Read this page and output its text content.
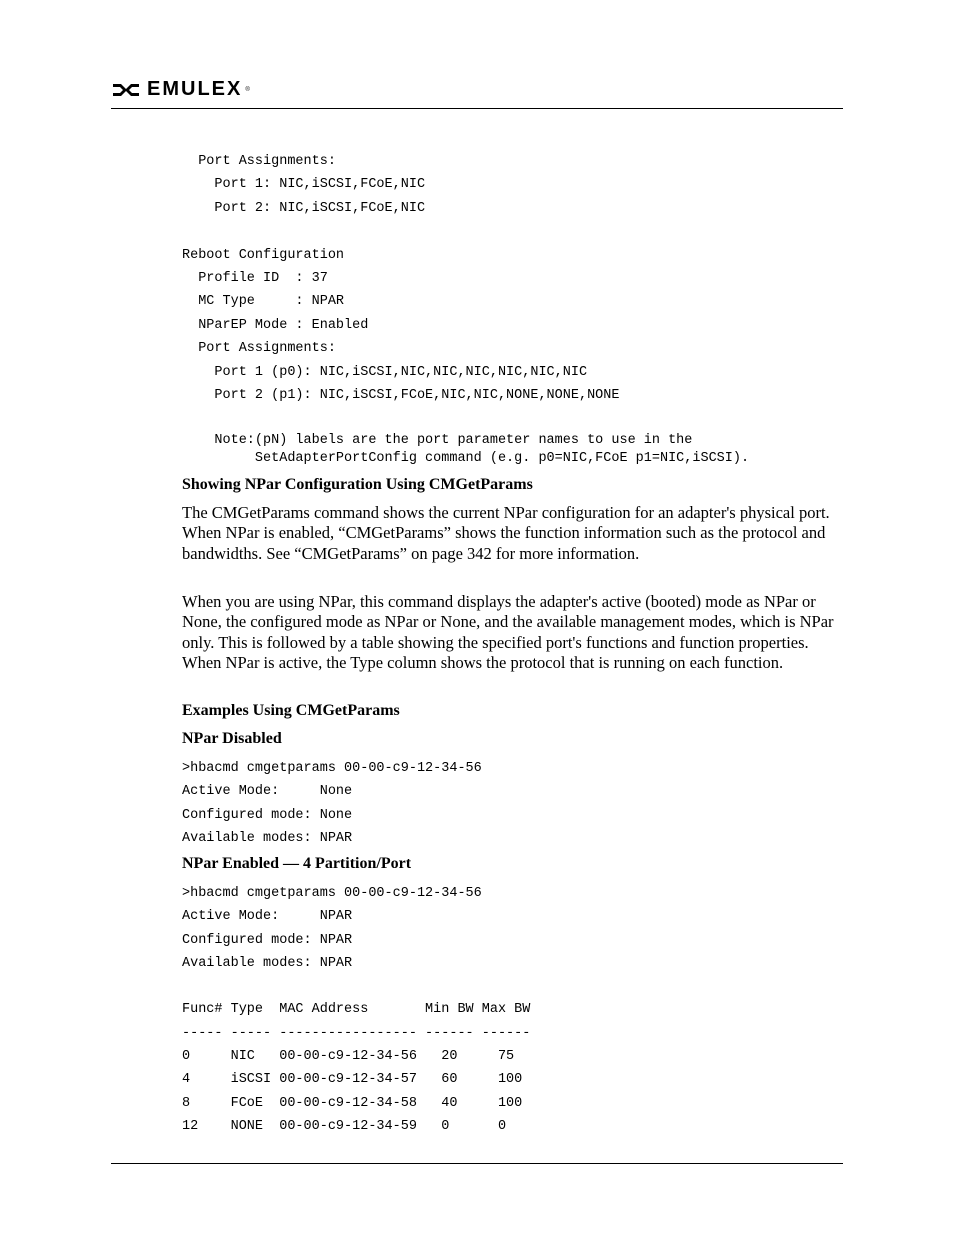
EMULEX ®
Port Assignments:
Port 1: NIC,iSCSI,FCoE,NIC
Port 2: NIC,iSCSI,FCoE,NIC

Reboot Configuration
Profile ID  : 37
MC Type     : NPAR
NParEP Mode : Enabled
Port Assignments:
Port 1 (p0): NIC,iSCSI,NIC,NIC,NIC,NIC,NIC,NIC
Port 2 (p1): NIC,iSCSI,FCoE,NIC,NIC,NONE,NONE,NONE
Note:(pN) labels are the port parameter names to use in the
SetAdapterPortConfig command (e.g. p0=NIC,FCoE p1=NIC,iSCSI).
Showing NPar Configuration Using CMGetParams

The CMGetParams command shows the current NPar configuration for an adapter's physical port. When NPar is enabled, “CMGetParams” shows the function information such as the protocol and bandwidths. See “CMGetParams” on page 342 for more information.

When you are using NPar, this command displays the adapter's active (booted) mode as NPar or None, the configured mode as NPar or None, and the available management modes, which is NPar only. This is followed by a table showing the specified port's functions and function properties. When NPar is active, the Type column shows the protocol that is running on each function.

Examples Using CMGetParams
NPar Disabled
>hbacmd cmgetparams 00-00-c9-12-34-56
Active Mode:     None
Configured mode: None
Available modes: NPAR
NPar Enabled — 4 Partition/Port
>hbacmd cmgetparams 00-00-c9-12-34-56
Active Mode:     NPAR
Configured mode: NPAR
Available modes: NPAR

Func# Type  MAC Address       Min BW Max BW
----- ----- ----------------- ------ ------
0     NIC   00-00-c9-12-34-56   20     75
4     iSCSI 00-00-c9-12-34-57   60     100
8     FCoE  00-00-c9-12-34-58   40     100
12    NONE  00-00-c9-12-34-59   0      0
